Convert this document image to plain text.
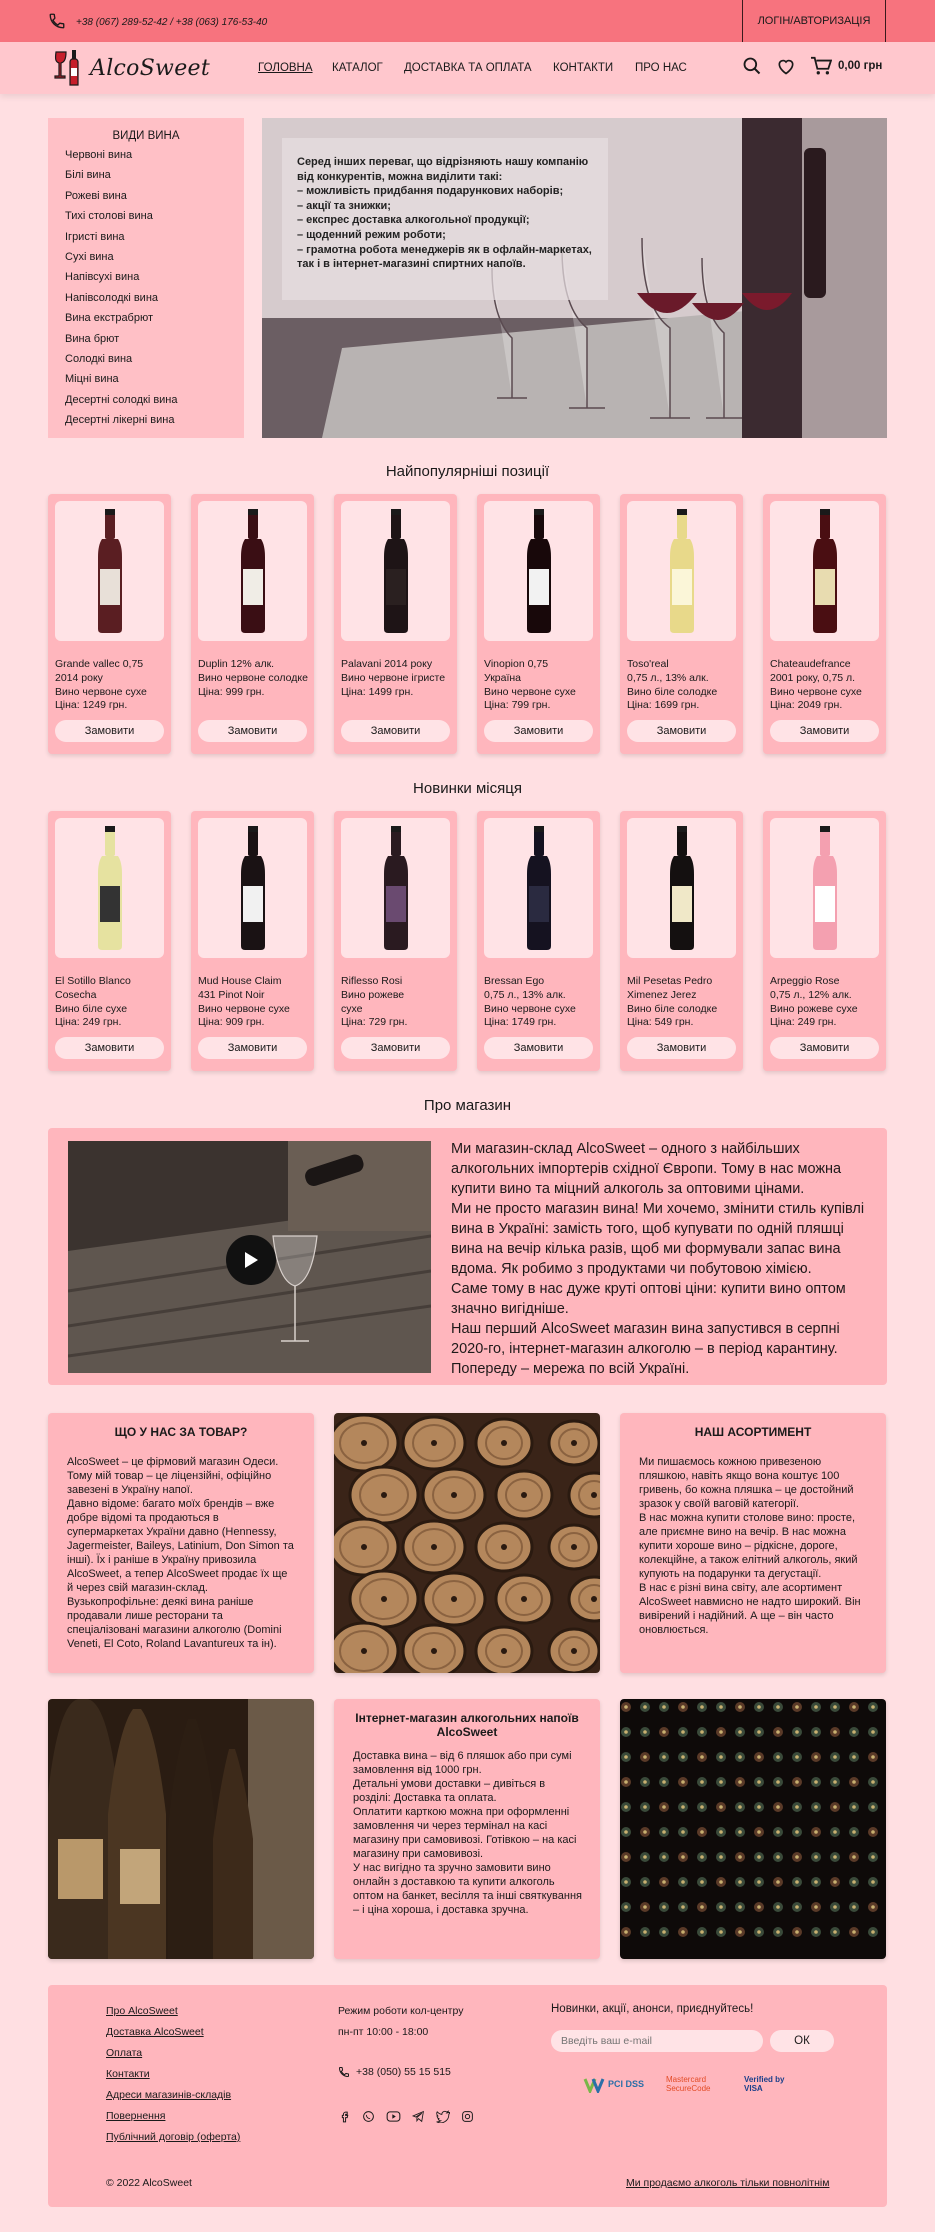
+38 (067) 289-52-42 / +38 (063) 176-53-40	ЛОГІН/АВТОРИЗАЦІЯ
AlcoSweet	ГОЛОВНА КАТАЛОГ ДОСТАВКА ТА ОПЛАТА КОНТАКТИ ПРО НАС	0,00 грн
ВИДИ ВИНА
Червоні вина
Білі вина
Рожеві вина
Тихі столові вина
Ігристі вина
Сухі вина
Напівсухі вина
Напівсолодкі вина
Вина екстрабрют
Вина брют
Солодкі вина
Міцні вина
Десертні солодкі вина
Десертні лікерні вина
Серед інших переваг, що відрізняють нашу компанію від конкурентів, можна виділити такі:
– можливість придбання подарункових наборів;
– акції та знижки;
– експрес доставка алкогольної продукції;
– щоденний режим роботи;
– грамотна робота менеджерів як в офлайн-маркетах, так і в інтернет-магазині спиртних напоїв.
Найпопулярніші позиції
Grande vallec 0,75 2014 року
Вино червоне сухе
Ціна: 1249 грн.
Замовити
Duplin 12% алк.
Вино червоне солодке
Ціна: 999 грн.
Замовити
Palavani 2014 року
Вино червоне ігристе
Ціна: 1499 грн.
Замовити
Vinopion 0,75
Україна
Вино червоне сухе
Ціна: 799 грн.
Замовити
Toso'real
0,75 л., 13% алк.
Вино біле солодке
Ціна: 1699 грн.
Замовити
Chateaudefrance
2001 року, 0,75 л.
Вино червоне сухе
Ціна: 2049 грн.
Замовити
Новинки місяця
El Sotillo Blanco
Cosecha
Вино біле сухе
Ціна: 249 грн.
Замовити
Mud House Claim
431 Pinot Noir
Вино червоне сухе
Ціна: 909 грн.
Замовити
Riflesso Rosi
Вино рожеве
сухе
Ціна: 729 грн.
Замовити
Bressan Ego
0,75 л., 13% алк.
Вино червоне сухе
Ціна: 1749 грн.
Замовити
Mil Pesetas Pedro
Ximenez Jerez
Вино біле солодке
Ціна: 549 грн.
Замовити
Arpeggio Rose
0,75 л., 12% алк.
Вино рожеве сухе
Ціна: 249 грн.
Замовити
Про магазин
Ми магазин-склад AlcoSweet – одного з найбільших алкогольних імпортерів східної Європи. Тому в нас можна купити вино та міцний алкоголь за оптовими цінами.
Ми не просто магазин вина! Ми хочемо, змінити стиль купівлі вина в Україні: замість того, щоб купувати по одній пляшці вина на вечір кілька разів, щоб ми формували запас вина вдома. Як робимо з продуктами чи побутовою хімією.
Саме тому в нас дуже круті оптові ціни: купити вино оптом значно вигідніше.
Наш перший AlcoSweet магазин вина запустився в серпні 2020-го, інтернет-магазин алкоголю – в період карантину. Попереду – мережа по всій Україні.
ЩО У НАС ЗА ТОВАР?

AlcoSweet – це фірмовий магазин Одеси. Тому мій товар – це ліцензійні, офіційно завезені в Україну напої.
Давно відоме: багато моїх брендів – вже добре відомі та продаються в супермаркетах України давно (Hennessy, Jagermeister, Baileys, Latinium, Don Simon та інші). Їх і раніше в Україну привозила AlcoSweet, а тепер AlcoSweet продає їх ще й через свій магазин-склад.
Вузькопрофільне: деякі вина раніше продавали лише ресторани та спеціалізовані магазини алкоголю (Domini Veneti, El Coto, Roland Lavantureux та ін).

НАШ АСОРТИМЕНТ

Ми пишаємось кожною привезеною пляшкою, навіть якщо вона коштує 100 гривень, бо кожна пляшка – це достойний зразок у своїй ваговій категорії.
В нас можна купити столове вино: просте, але приємне вино на вечір. В нас можна купити хороше вино – рідкісне, дороге, колекційне, а також елітний алкоголь, який купують на подарунки та дегустації.
В нас є різні вина світу, але асортимент AlcoSweet навмисно не надто широкий. Він вивірений і надійний. А ще – він часто оновлюється.

Інтернет-магазин алкогольних напоїв AlcoSweet

Доставка вина – від 6 пляшок або при сумі замовлення від 1000 грн.
Детальні умови доставки – дивіться в розділі: Доставка та оплата.
Оплатити карткою можна при оформленні замовлення чи через термінал на касі магазину при самовивозі. Готівкою – на касі магазину при самовивозі.
У нас вигідно та зручно замовити вино онлайн з доставкою та купити алкоголь оптом на банкет, весілля та інші святкування – і ціна хороша, і доставка зручна.

Про AlcoSweet
Доставка AlcoSweet
Оплата
Контакти
Адреси магазинів-складів
Повернення
Публічний договір (оферта)
Режим роботи кол-центру
пн-пт 10:00 - 18:00
+38 (050) 55 15 515
Новинки, акції, анонси, приєднуйтесь!
Введіть ваш e-mail
ОК
PCI DSS	Mastercard SecureCode
Verified by VISA
© 2022 AlcoSweet	Ми продаємо алкоголь тільки повнолітнім
